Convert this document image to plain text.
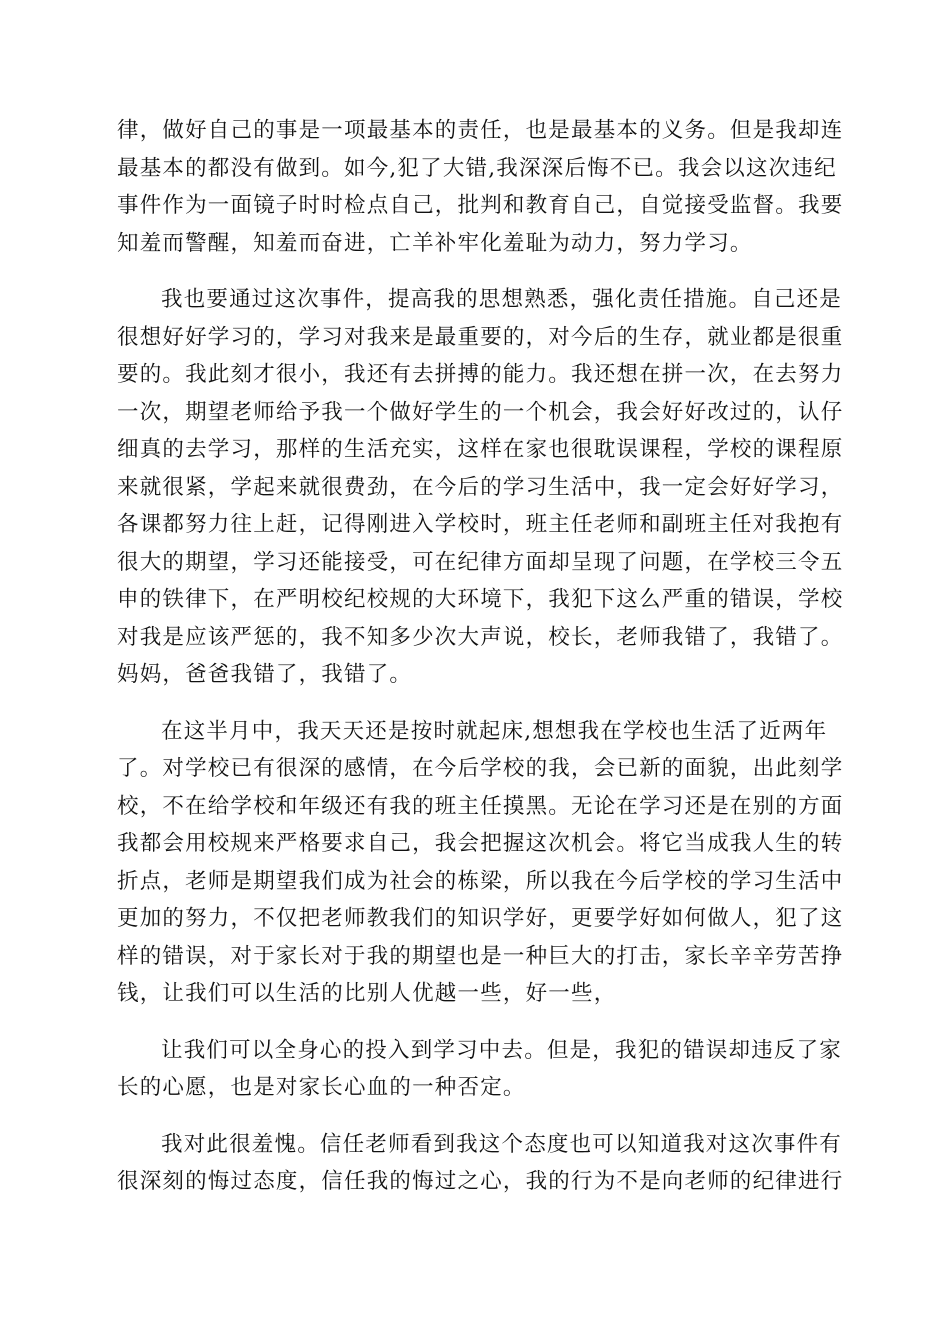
律，做好自己的事是一项最基本的责任，也是最基本的义务。但是我却连
最基本的都没有做到。如今,犯了大错,我深深后悔不已。我会以这次违纪
事件作为一面镜子时时检点自己，批判和教育自己，自觉接受监督。我要
知羞而警醒，知羞而奋进，亡羊补牢化羞耻为动力，努力学习。

我也要通过这次事件，提高我的思想熟悉，强化责任措施。自己还是
很想好好学习的，学习对我来是最重要的，对今后的生存，就业都是很重
要的。我此刻才很小，我还有去拼搏的能力。我还想在拼一次，在去努力
一次，期望老师给予我一个做好学生的一个机会，我会好好改过的，认仔
细真的去学习，那样的生活充实，这样在家也很耽误课程，学校的课程原
来就很紧，学起来就很费劲，在今后的学习生活中，我一定会好好学习，
各课都努力往上赶，记得刚进入学校时，班主任老师和副班主任对我抱有
很大的期望，学习还能接受，可在纪律方面却呈现了问题，在学校三令五
申的铁律下，在严明校纪校规的大环境下，我犯下这么严重的错误，学校
对我是应该严惩的，我不知多少次大声说，校长，老师我错了，我错了。
妈妈，爸爸我错了，我错了。

在这半月中，我天天还是按时就起床,想想我在学校也生活了近两年
了。对学校已有很深的感情，在今后学校的我，会已新的面貌，出此刻学
校，不在给学校和年级还有我的班主任摸黑。无论在学习还是在别的方面
我都会用校规来严格要求自己，我会把握这次机会。将它当成我人生的转
折点，老师是期望我们成为社会的栋梁，所以我在今后学校的学习生活中
更加的努力，不仅把老师教我们的知识学好，更要学好如何做人，犯了这
样的错误，对于家长对于我的期望也是一种巨大的打击，家长辛辛劳苦挣
钱，让我们可以生活的比别人优越一些，好一些，

让我们可以全身心的投入到学习中去。但是，我犯的错误却违反了家
长的心愿，也是对家长心血的一种否定。

我对此很羞愧。信任老师看到我这个态度也可以知道我对这次事件有
很深刻的悔过态度，信任我的悔过之心，我的行为不是向老师的纪律进行
